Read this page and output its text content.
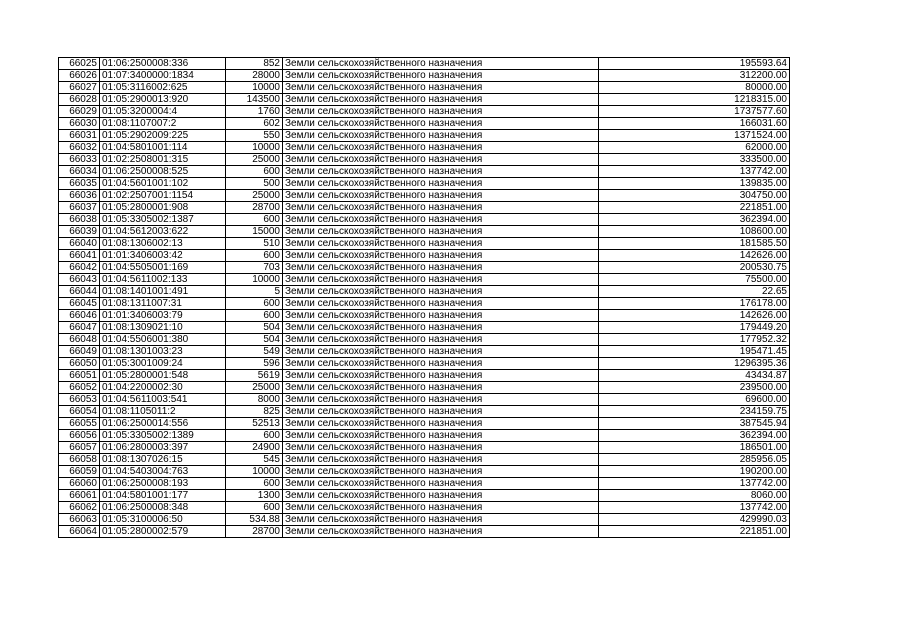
66025	01:06:2500008:336	852	Земли сельскохозяйственного назначения	195593.64
66026	01:07:3400000:1834	28000	Земли сельскохозяйственного назначения	312200.00
66027	01:05:3116002:625	10000	Земли сельскохозяйственного назначения	80000.00
66028	01:05:2900013:920	143500	Земли сельскохозяйственного назначения	1218315.00
66029	01:05:3200004:4	1760	Земли сельскохозяйственного назначения	1737577.60
66030	01:08:1107007:2	602	Земли сельскохозяйственного назначения	166031.60
66031	01:05:2902009:225	550	Земли сельскохозяйственного назначения	1371524.00
66032	01:04:5801001:114	10000	Земли сельскохозяйственного назначения	62000.00
66033	01:02:2508001:315	25000	Земли сельскохозяйственного назначения	333500.00
66034	01:06:2500008:525	600	Земли сельскохозяйственного назначения	137742.00
66035	01:04:5601001:102	500	Земли сельскохозяйственного назначения	139835.00
66036	01:02:2507001:1154	25000	Земли сельскохозяйственного назначения	304750.00
66037	01:05:2800001:908	28700	Земли сельскохозяйственного назначения	221851.00
66038	01:05:3305002:1387	600	Земли сельскохозяйственного назначения	362394.00
66039	01:04:5612003:622	15000	Земли сельскохозяйственного назначения	108600.00
66040	01:08:1306002:13	510	Земли сельскохозяйственного назначения	181585.50
66041	01:01:3406003:42	600	Земли сельскохозяйственного назначения	142626.00
66042	01:04:5505001:169	703	Земли сельскохозяйственного назначения	200530.75
66043	01:04:5611002:133	10000	Земли сельскохозяйственного назначения	75500.00
66044	01:08:1401001:491	5	Земли сельскохозяйственного назначения	22.65
66045	01:08:1311007:31	600	Земли сельскохозяйственного назначения	176178.00
66046	01:01:3406003:79	600	Земли сельскохозяйственного назначения	142626.00
66047	01:08:1309021:10	504	Земли сельскохозяйственного назначения	179449.20
66048	01:04:5506001:380	504	Земли сельскохозяйственного назначения	177952.32
66049	01:08:1301003:23	549	Земли сельскохозяйственного назначения	195471.45
66050	01:05:3001009:24	596	Земли сельскохозяйственного назначения	1296395.36
66051	01:05:2800001:548	5619	Земли сельскохозяйственного назначения	43434.87
66052	01:04:2200002:30	25000	Земли сельскохозяйственного назначения	239500.00
66053	01:04:5611003:541	8000	Земли сельскохозяйственного назначения	69600.00
66054	01:08:1105011:2	825	Земли сельскохозяйственного назначения	234159.75
66055	01:06:2500014:556	52513	Земли сельскохозяйственного назначения	387545.94
66056	01:05:3305002:1389	600	Земли сельскохозяйственного назначения	362394.00
66057	01:06:2800003:397	24900	Земли сельскохозяйственного назначения	186501.00
66058	01:08:1307026:15	545	Земли сельскохозяйственного назначения	285956.05
66059	01:04:5403004:763	10000	Земли сельскохозяйственного назначения	190200.00
66060	01:06:2500008:193	600	Земли сельскохозяйственного назначения	137742.00
66061	01:04:5801001:177	1300	Земли сельскохозяйственного назначения	8060.00
66062	01:06:2500008:348	600	Земли сельскохозяйственного назначения	137742.00
66063	01:05:3100006:50	534.88	Земли сельскохозяйственного назначения	429990.03
66064	01:05:2800002:579	28700	Земли сельскохозяйственного назначения	221851.00
